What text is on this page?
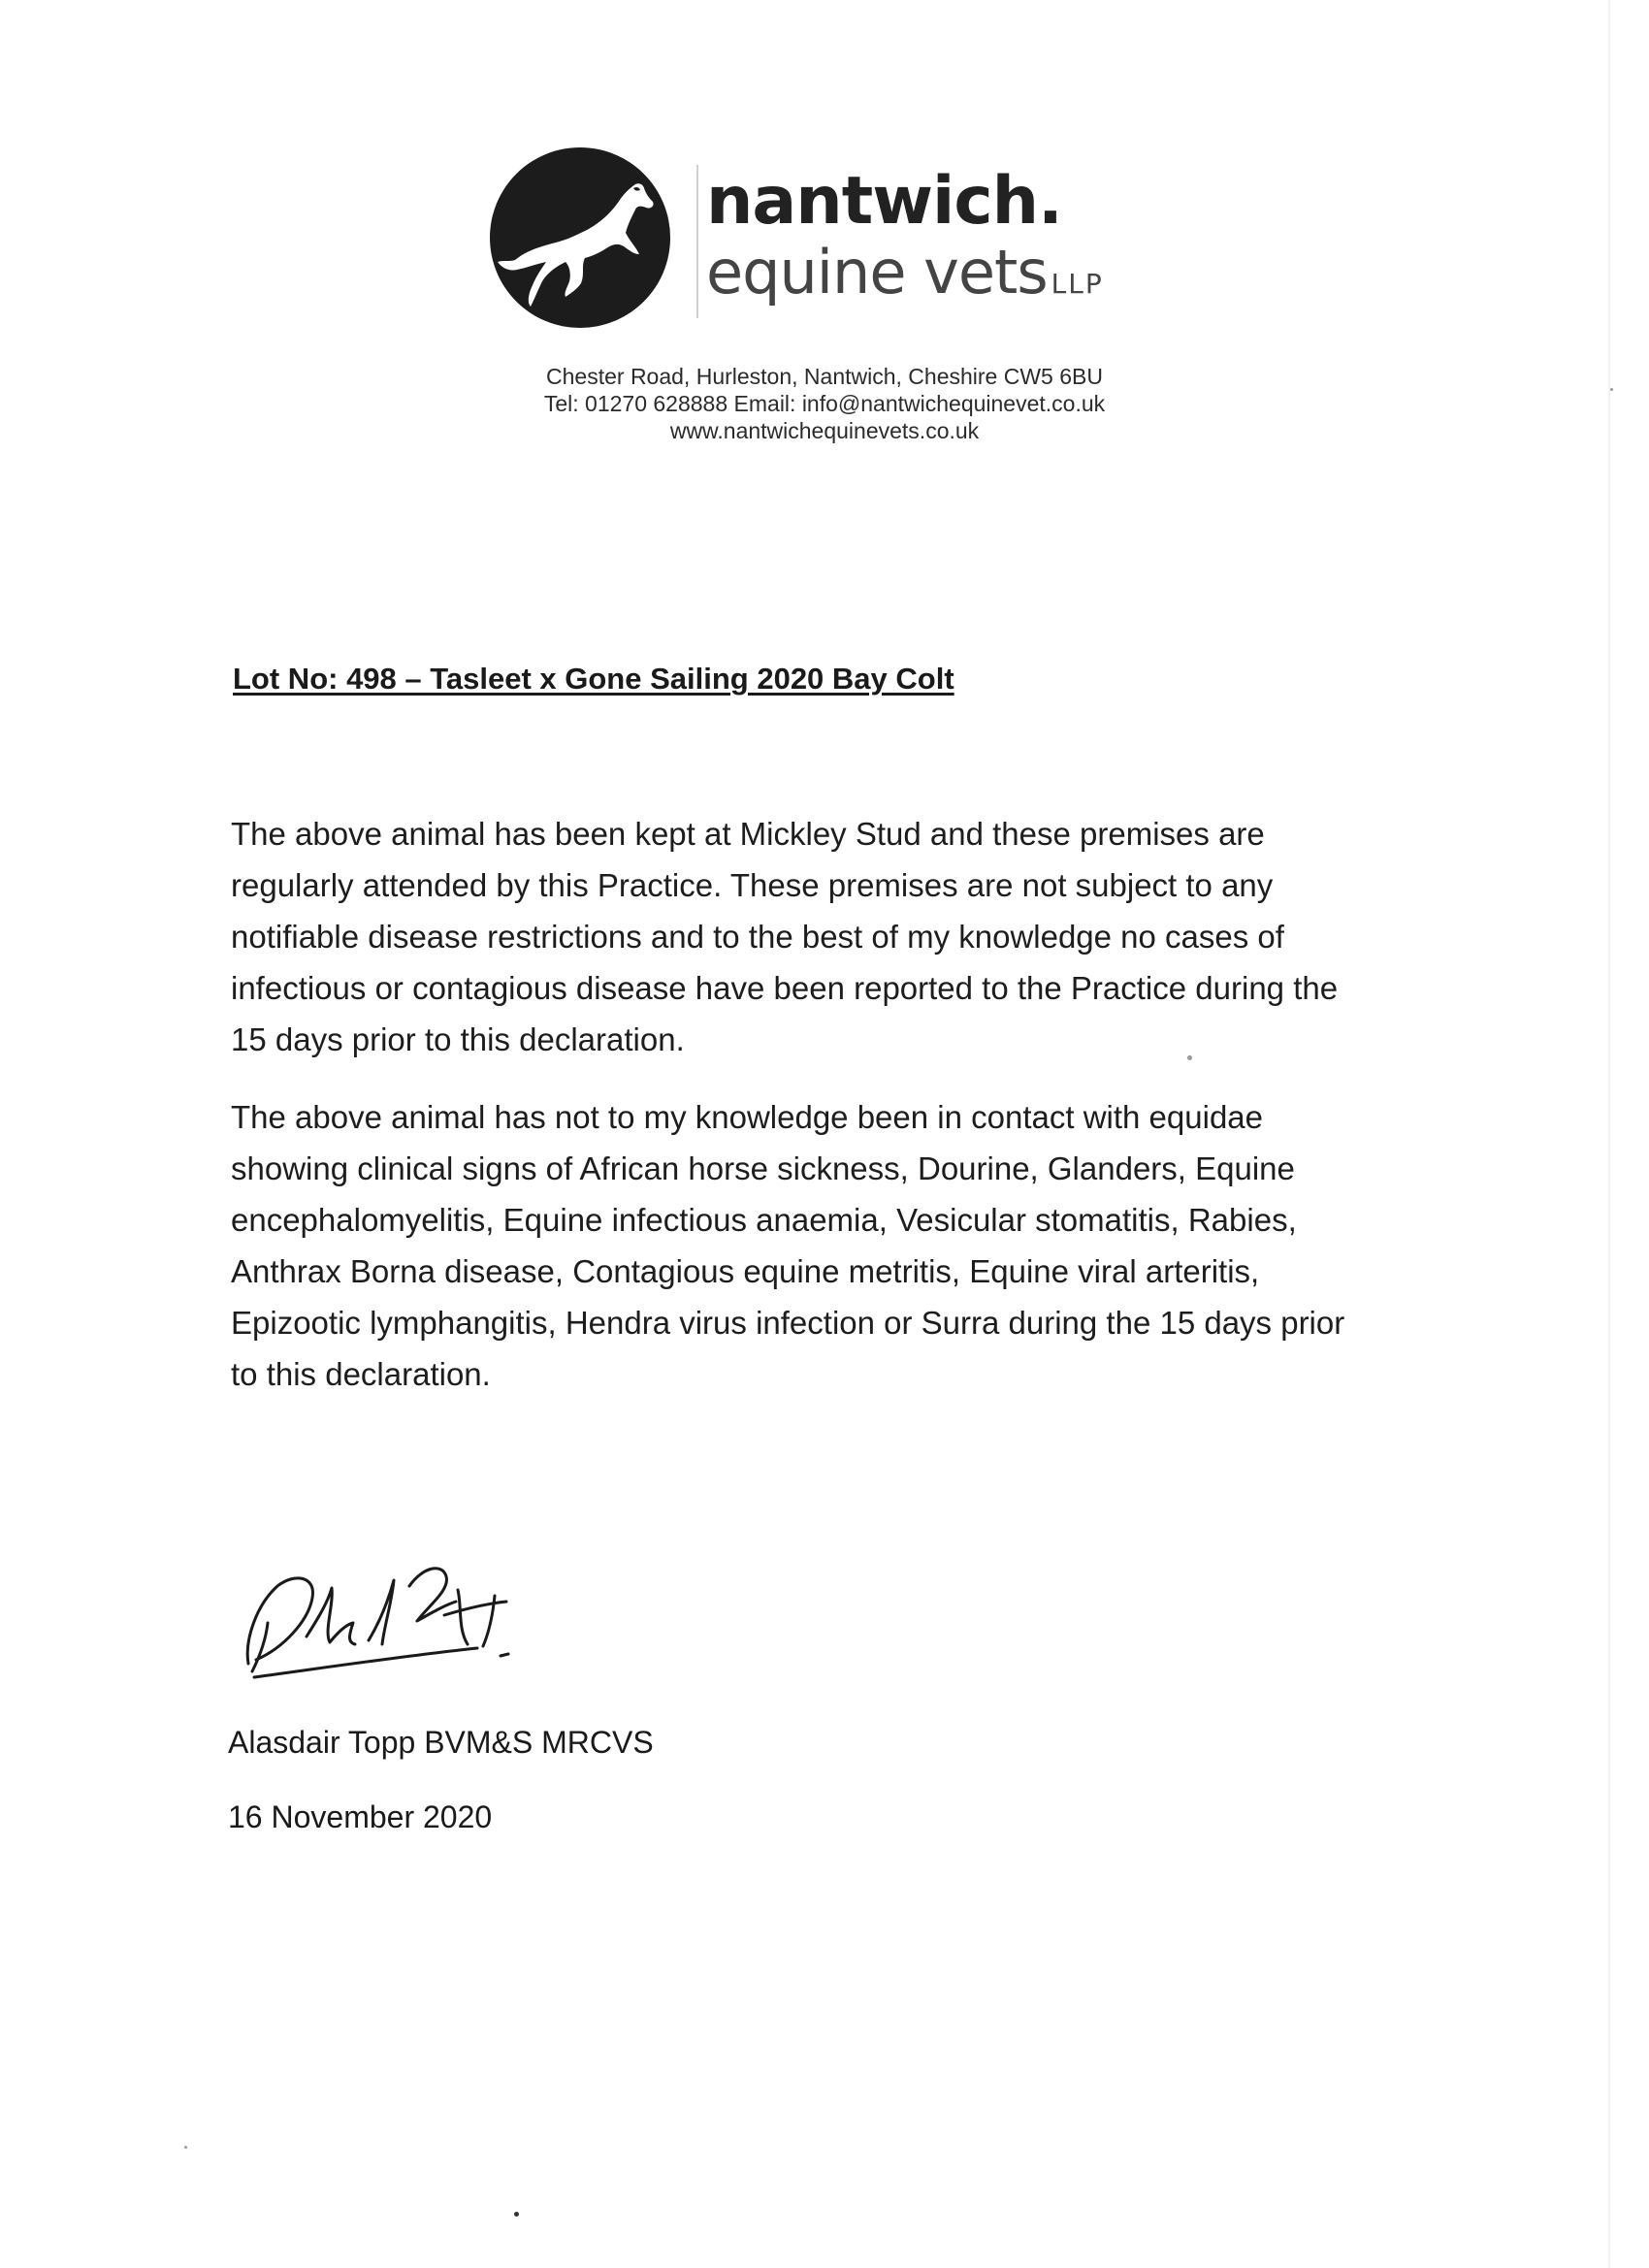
nantwich.
equine vets LLP
Chester Road, Hurleston, Nantwich, Cheshire CW5 6BU
Tel: 01270 628888 Email: info@nantwichequinevet.co.uk
www.nantwichequinevets.co.uk
Lot No: 498 – Tasleet x Gone Sailing 2020 Bay Colt
The above animal has been kept at Mickley Stud and these premises are
regularly attended by this Practice. These premises are not subject to any
notifiable disease restrictions and to the best of my knowledge no cases of
infectious or contagious disease have been reported to the Practice during the
15 days prior to this declaration.
The above animal has not to my knowledge been in contact with equidae
showing clinical signs of African horse sickness, Dourine, Glanders, Equine
encephalomyelitis, Equine infectious anaemia, Vesicular stomatitis, Rabies,
Anthrax Borna disease, Contagious equine metritis, Equine viral arteritis,
Epizootic lymphangitis, Hendra virus infection or Surra during the 15 days prior
to this declaration.
Alasdair Topp BVM&S MRCVS
16 November 2020
